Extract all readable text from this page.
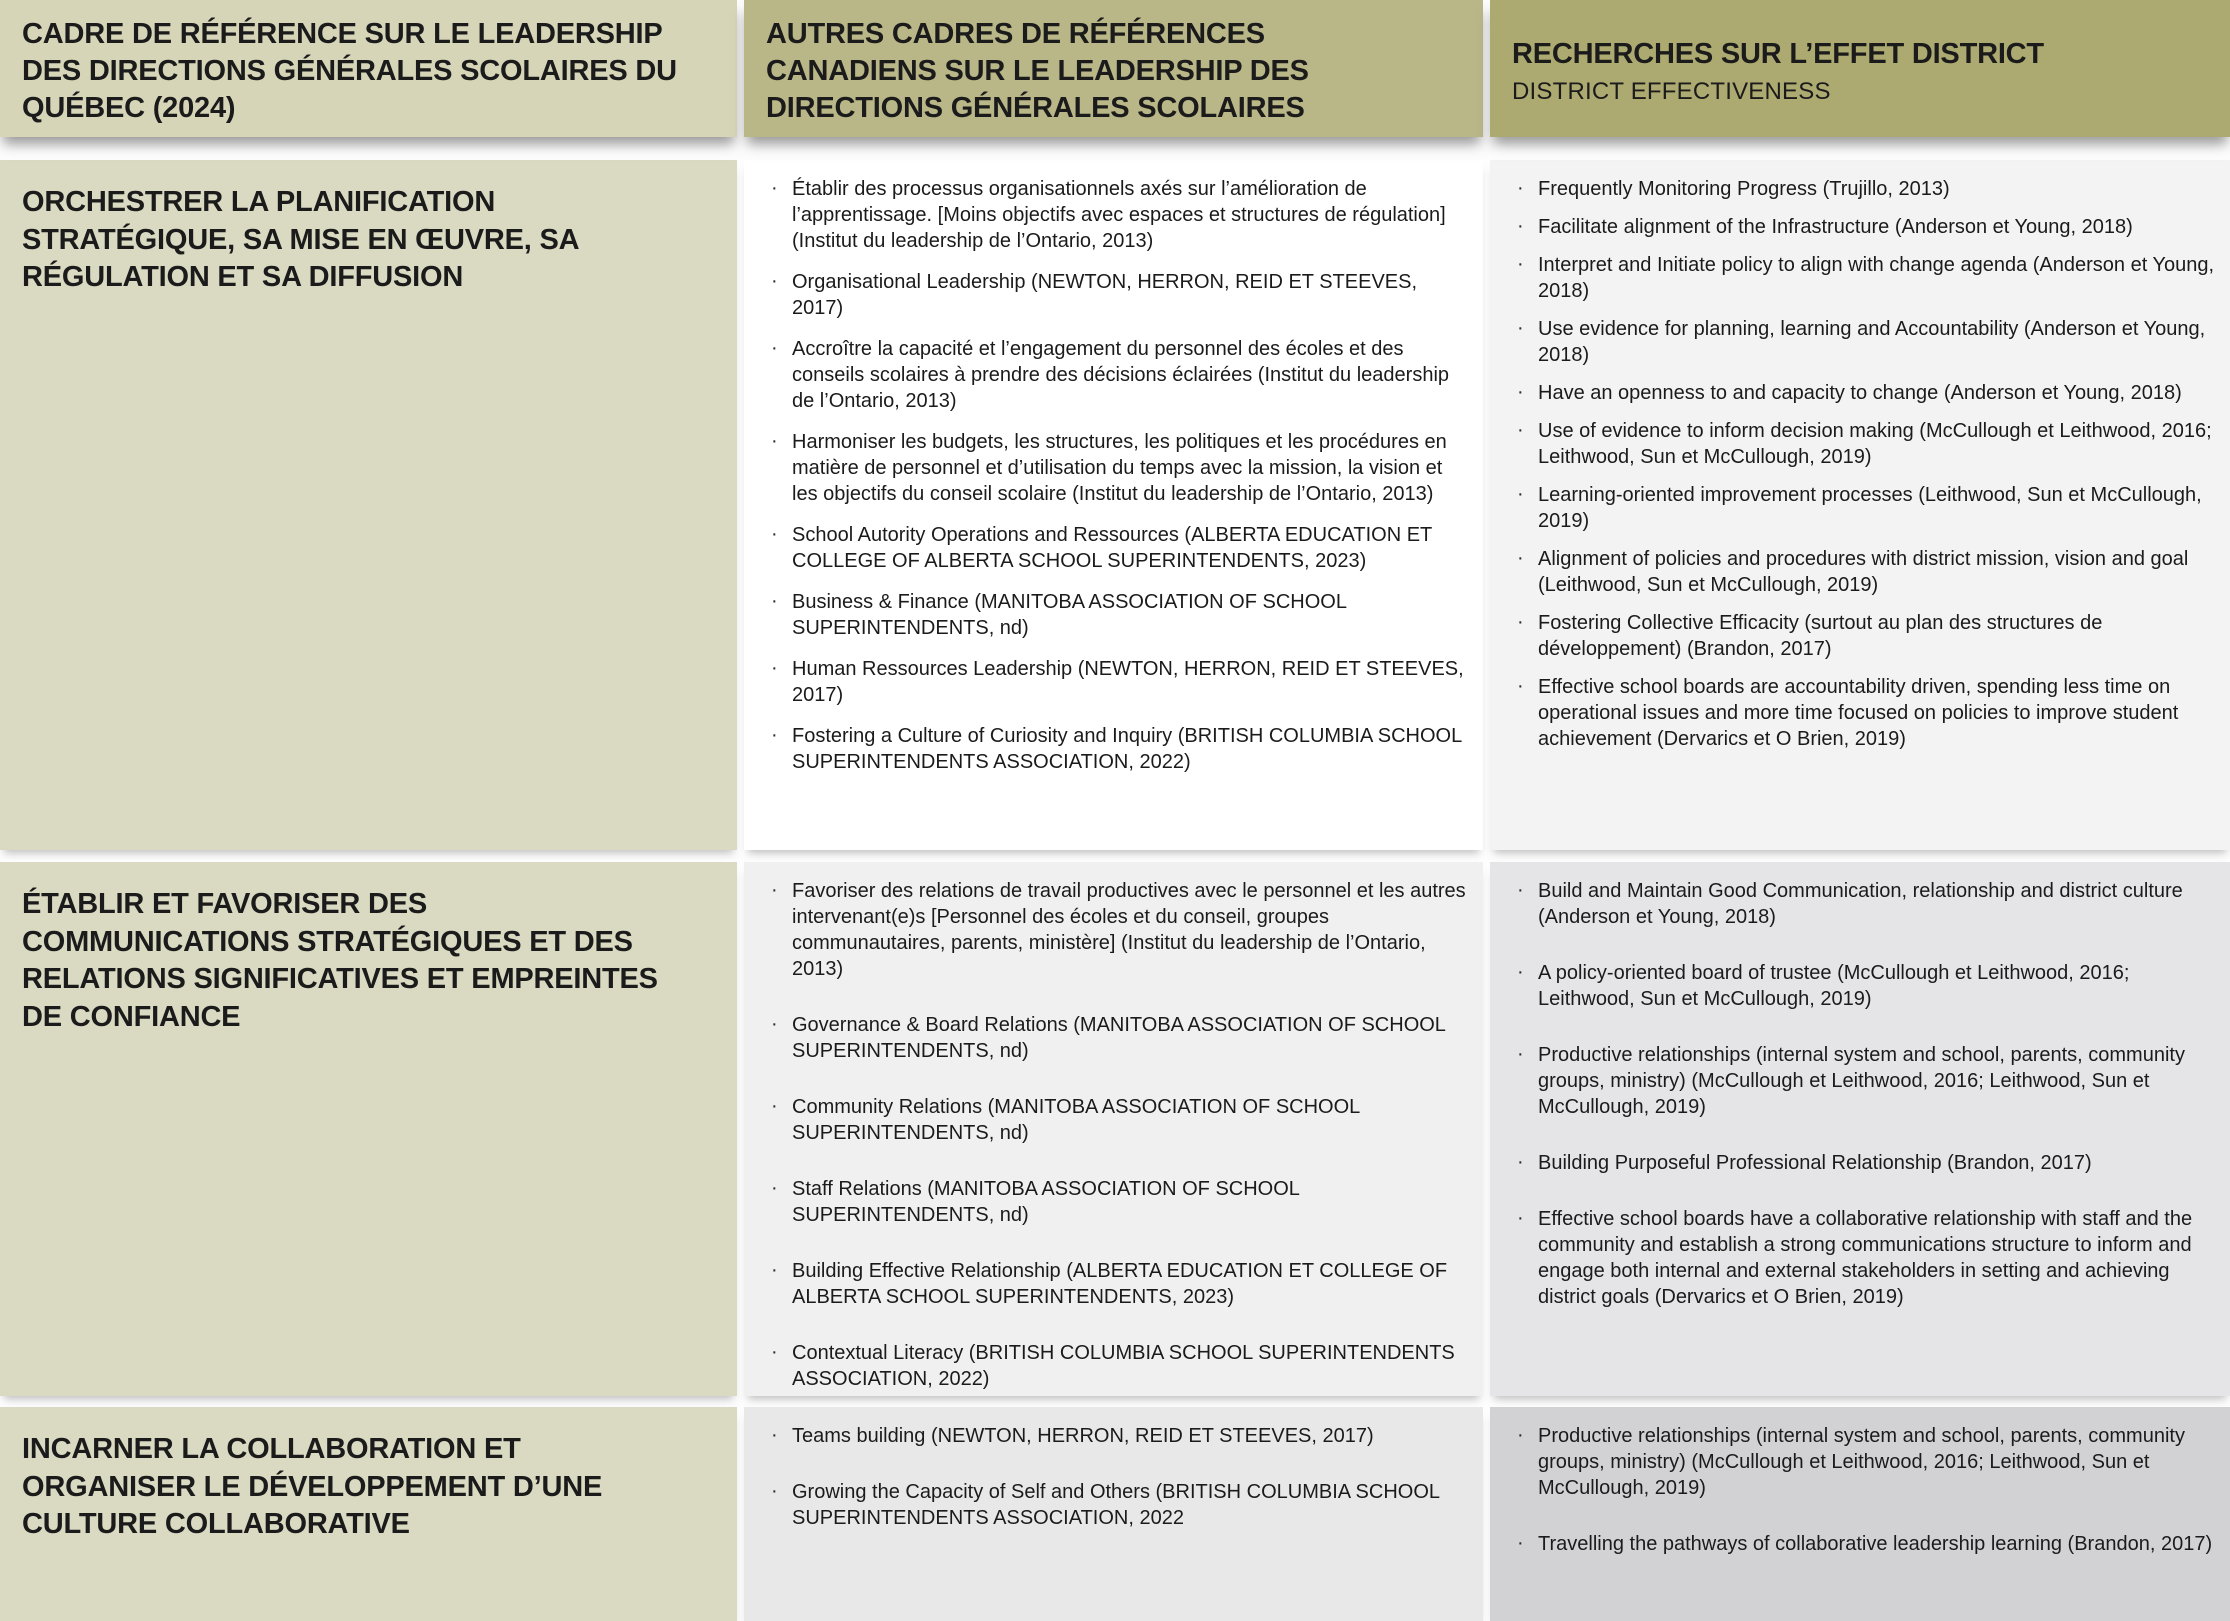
CADRE DE RÉFÉRENCE SUR LE LEADERSHIP DES DIRECTIONS GÉNÉRALES SCOLAIRES DU QUÉBEC (2024)
AUTRES CADRES DE RÉFÉRENCES CANADIENS SUR LE LEADERSHIP DES DIRECTIONS GÉNÉRALES SCOLAIRES
RECHERCHES SUR L’EFFET DISTRICT
DISTRICT EFFECTIVENESS
ORCHESTRER LA PLANIFICATION STRATÉGIQUE, SA MISE EN ŒUVRE, SA RÉGULATION ET SA DIFFUSION
· Établir des processus organisationnels axés sur l’amélioration de l’apprentissage. [Moins objectifs avec espaces et structures de régulation] (Institut du leadership de l’Ontario, 2013)
· Organisational Leadership (NEWTON, HERRON, REID ET STEEVES, 2017)
· Accroître la capacité et l’engagement du personnel des écoles et des conseils scolaires à prendre des décisions éclairées (Institut du leadership de l’Ontario, 2013)
· Harmoniser les budgets, les structures, les politiques et les procédures en matière de personnel et d’utilisation du temps avec la mission, la vision et les objectifs du conseil scolaire (Institut du leadership de l’Ontario, 2013)
· School Autority Operations and Ressources (ALBERTA EDUCATION ET COLLEGE OF ALBERTA SCHOOL SUPERINTENDENTS, 2023)
· Business & Finance (MANITOBA ASSOCIATION OF SCHOOL SUPERINTENDENTS, nd)
· Human Ressources Leadership (NEWTON, HERRON, REID ET STEEVES, 2017)
· Fostering a Culture of Curiosity and Inquiry (BRITISH COLUMBIA SCHOOL SUPERINTENDENTS ASSOCIATION, 2022)
· Frequently Monitoring Progress (Trujillo, 2013)
· Facilitate alignment of the Infrastructure (Anderson et Young, 2018)
· Interpret and Initiate policy to align with change agenda (Anderson et Young, 2018)
· Use evidence for planning, learning and Accountability (Anderson et Young, 2018)
· Have an openness to and capacity to change (Anderson et Young, 2018)
· Use of evidence to inform decision making (McCullough et Leithwood, 2016; Leithwood, Sun et McCullough, 2019)
· Learning-oriented improvement processes (Leithwood, Sun et McCullough, 2019)
· Alignment of policies and procedures with district mission, vision and goal (Leithwood, Sun et McCullough, 2019)
· Fostering Collective Efficacity (surtout au plan des structures de développement) (Brandon, 2017)
· Effective school boards are accountability driven, spending less time on operational issues and more time focused on policies to improve student achievement (Dervarics et O Brien, 2019)
ÉTABLIR ET FAVORISER DES COMMUNICATIONS STRATÉGIQUES ET DES RELATIONS SIGNIFICATIVES ET EMPREINTES DE CONFIANCE
· Favoriser des relations de travail productives avec le personnel et les autres intervenant(e)s [Personnel des écoles et du conseil, groupes communautaires, parents, ministère] (Institut du leadership de l’Ontario, 2013)
· Governance & Board Relations (MANITOBA ASSOCIATION OF SCHOOL SUPERINTENDENTS, nd)
· Community Relations (MANITOBA ASSOCIATION OF SCHOOL SUPERINTENDENTS, nd)
· Staff Relations (MANITOBA ASSOCIATION OF SCHOOL SUPERINTENDENTS, nd)
· Building Effective Relationship (ALBERTA EDUCATION ET COLLEGE OF ALBERTA SCHOOL SUPERINTENDENTS, 2023)
· Contextual Literacy (BRITISH COLUMBIA SCHOOL SUPERINTENDENTS ASSOCIATION, 2022)
· Build and Maintain Good Communication, relationship and district culture (Anderson et Young, 2018)
· A policy-oriented board of trustee (McCullough et Leithwood, 2016; Leithwood, Sun et McCullough, 2019)
· Productive relationships (internal system and school, parents, community groups, ministry) (McCullough et Leithwood, 2016; Leithwood, Sun et McCullough, 2019)
· Building Purposeful Professional Relationship (Brandon, 2017)
· Effective school boards have a collaborative relationship with staff and the community and establish a strong communications structure to inform and engage both internal and external stakeholders in setting and achieving district goals (Dervarics et O Brien, 2019)
INCARNER LA COLLABORATION ET ORGANISER LE DÉVELOPPEMENT D’UNE CULTURE COLLABORATIVE
· Teams building (NEWTON, HERRON, REID ET STEEVES, 2017)
· Growing the Capacity of Self and Others (BRITISH COLUMBIA SCHOOL SUPERINTENDENTS ASSOCIATION, 2022
· Productive relationships (internal system and school, parents, community groups, ministry) (McCullough et Leithwood, 2016; Leithwood, Sun et McCullough, 2019)
· Travelling the pathways of collaborative leadership learning (Brandon, 2017)
